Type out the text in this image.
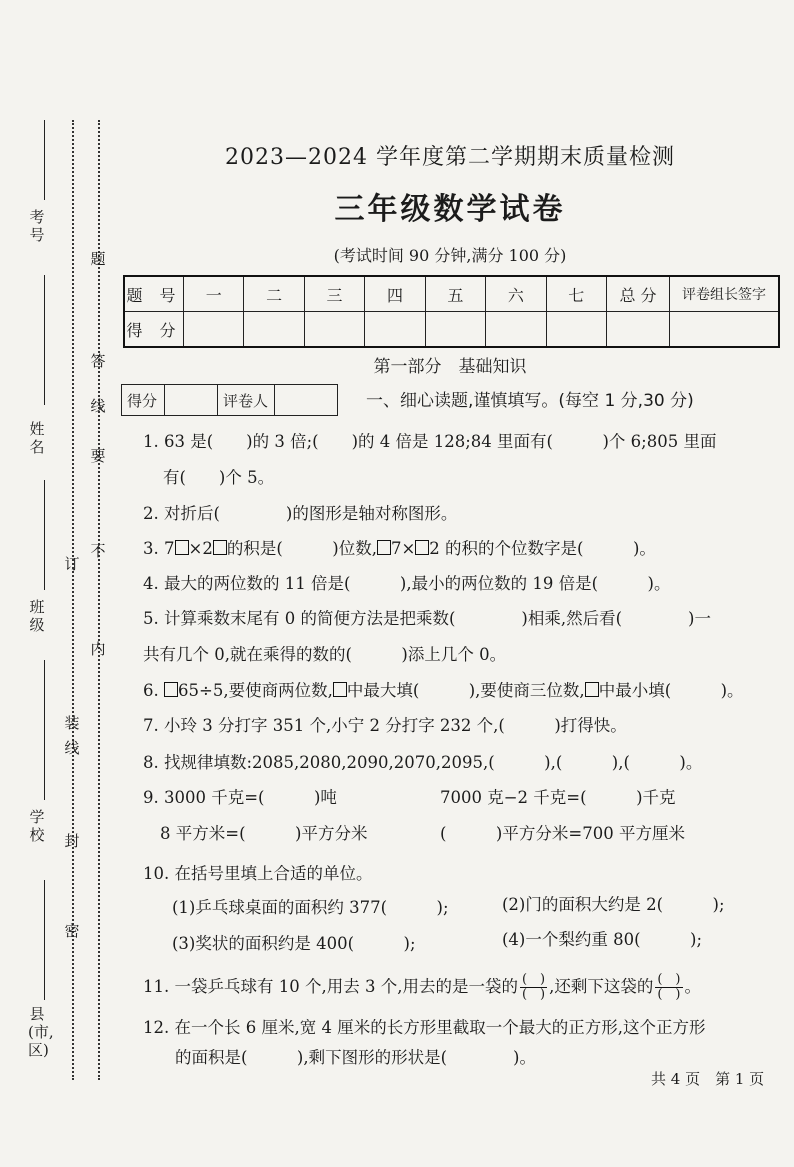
考号
姓名
班级
学校
县(市,区)
订
线
装
封
密
题
答
要
不
内
线
2023—2024 学年度第二学期期末质量检测
三年级数学试卷
(考试时间 90 分钟,满分 100 分)
题 号	一	二	三	四	五	六	七	总 分	评卷组长签字
得 分									
第一部分　基础知识
得分		评卷人		一、细心读题,谨慎填写。(每空 1 分,30 分)
1. 63 是(　　)的 3 倍;(　　)的 4 倍是 128;84 里面有(　　　)个 6;805 里面
有(　　)个 5。
2. 对折后(　　　　)的图形是轴对称图形。
3. 7 ×2 的积是(　　　)位数, 7× 2 的积的个位数字是(　　　)。
4. 最大的两位数的 11 倍是(　　　),最小的两位数的 19 倍是(　　　)。
5. 计算乘数末尾有 0 的简便方法是把乘数(　　　　)相乘,然后看(　　　　)一
共有几个 0,就在乘得的数的(　　　)添上几个 0。
6. 65÷5,要使商两位数, 中最大填(　　　),要使商三位数, 中最小填(　　　)。
7. 小玲 3 分打字 351 个,小宁 2 分打字 232 个,(　　　)打得快。
8. 找规律填数:2085,2080,2090,2070,2095,(　　　),(　　　),(　　　)。
9. 3000 千克=(　　　)吨	7000 克−2 千克=(　　　)千克
8 平方米=(　　　)平方分米	(　　　)平方分米=700 平方厘米
10. 在括号里填上合适的单位。
(1)乒乓球桌面的面积约 377(　　　);	(2)门的面积大约是 2(　　　);
(3)奖状的面积约是 400(　　　);	(4)一个梨约重 80(　　　);
11. 一袋乒乓球有 10 个,用去 3 个,用去的是一袋的 $\frac{( )}{( )}$ ,还剩下这袋的 $\frac{( )}{( )}$ 。
12. 在一个长 6 厘米,宽 4 厘米的长方形里截取一个最大的正方形,这个正方形
的面积是(　　　),剩下图形的形状是(　　　　)。
共 4 页　第 1 页
